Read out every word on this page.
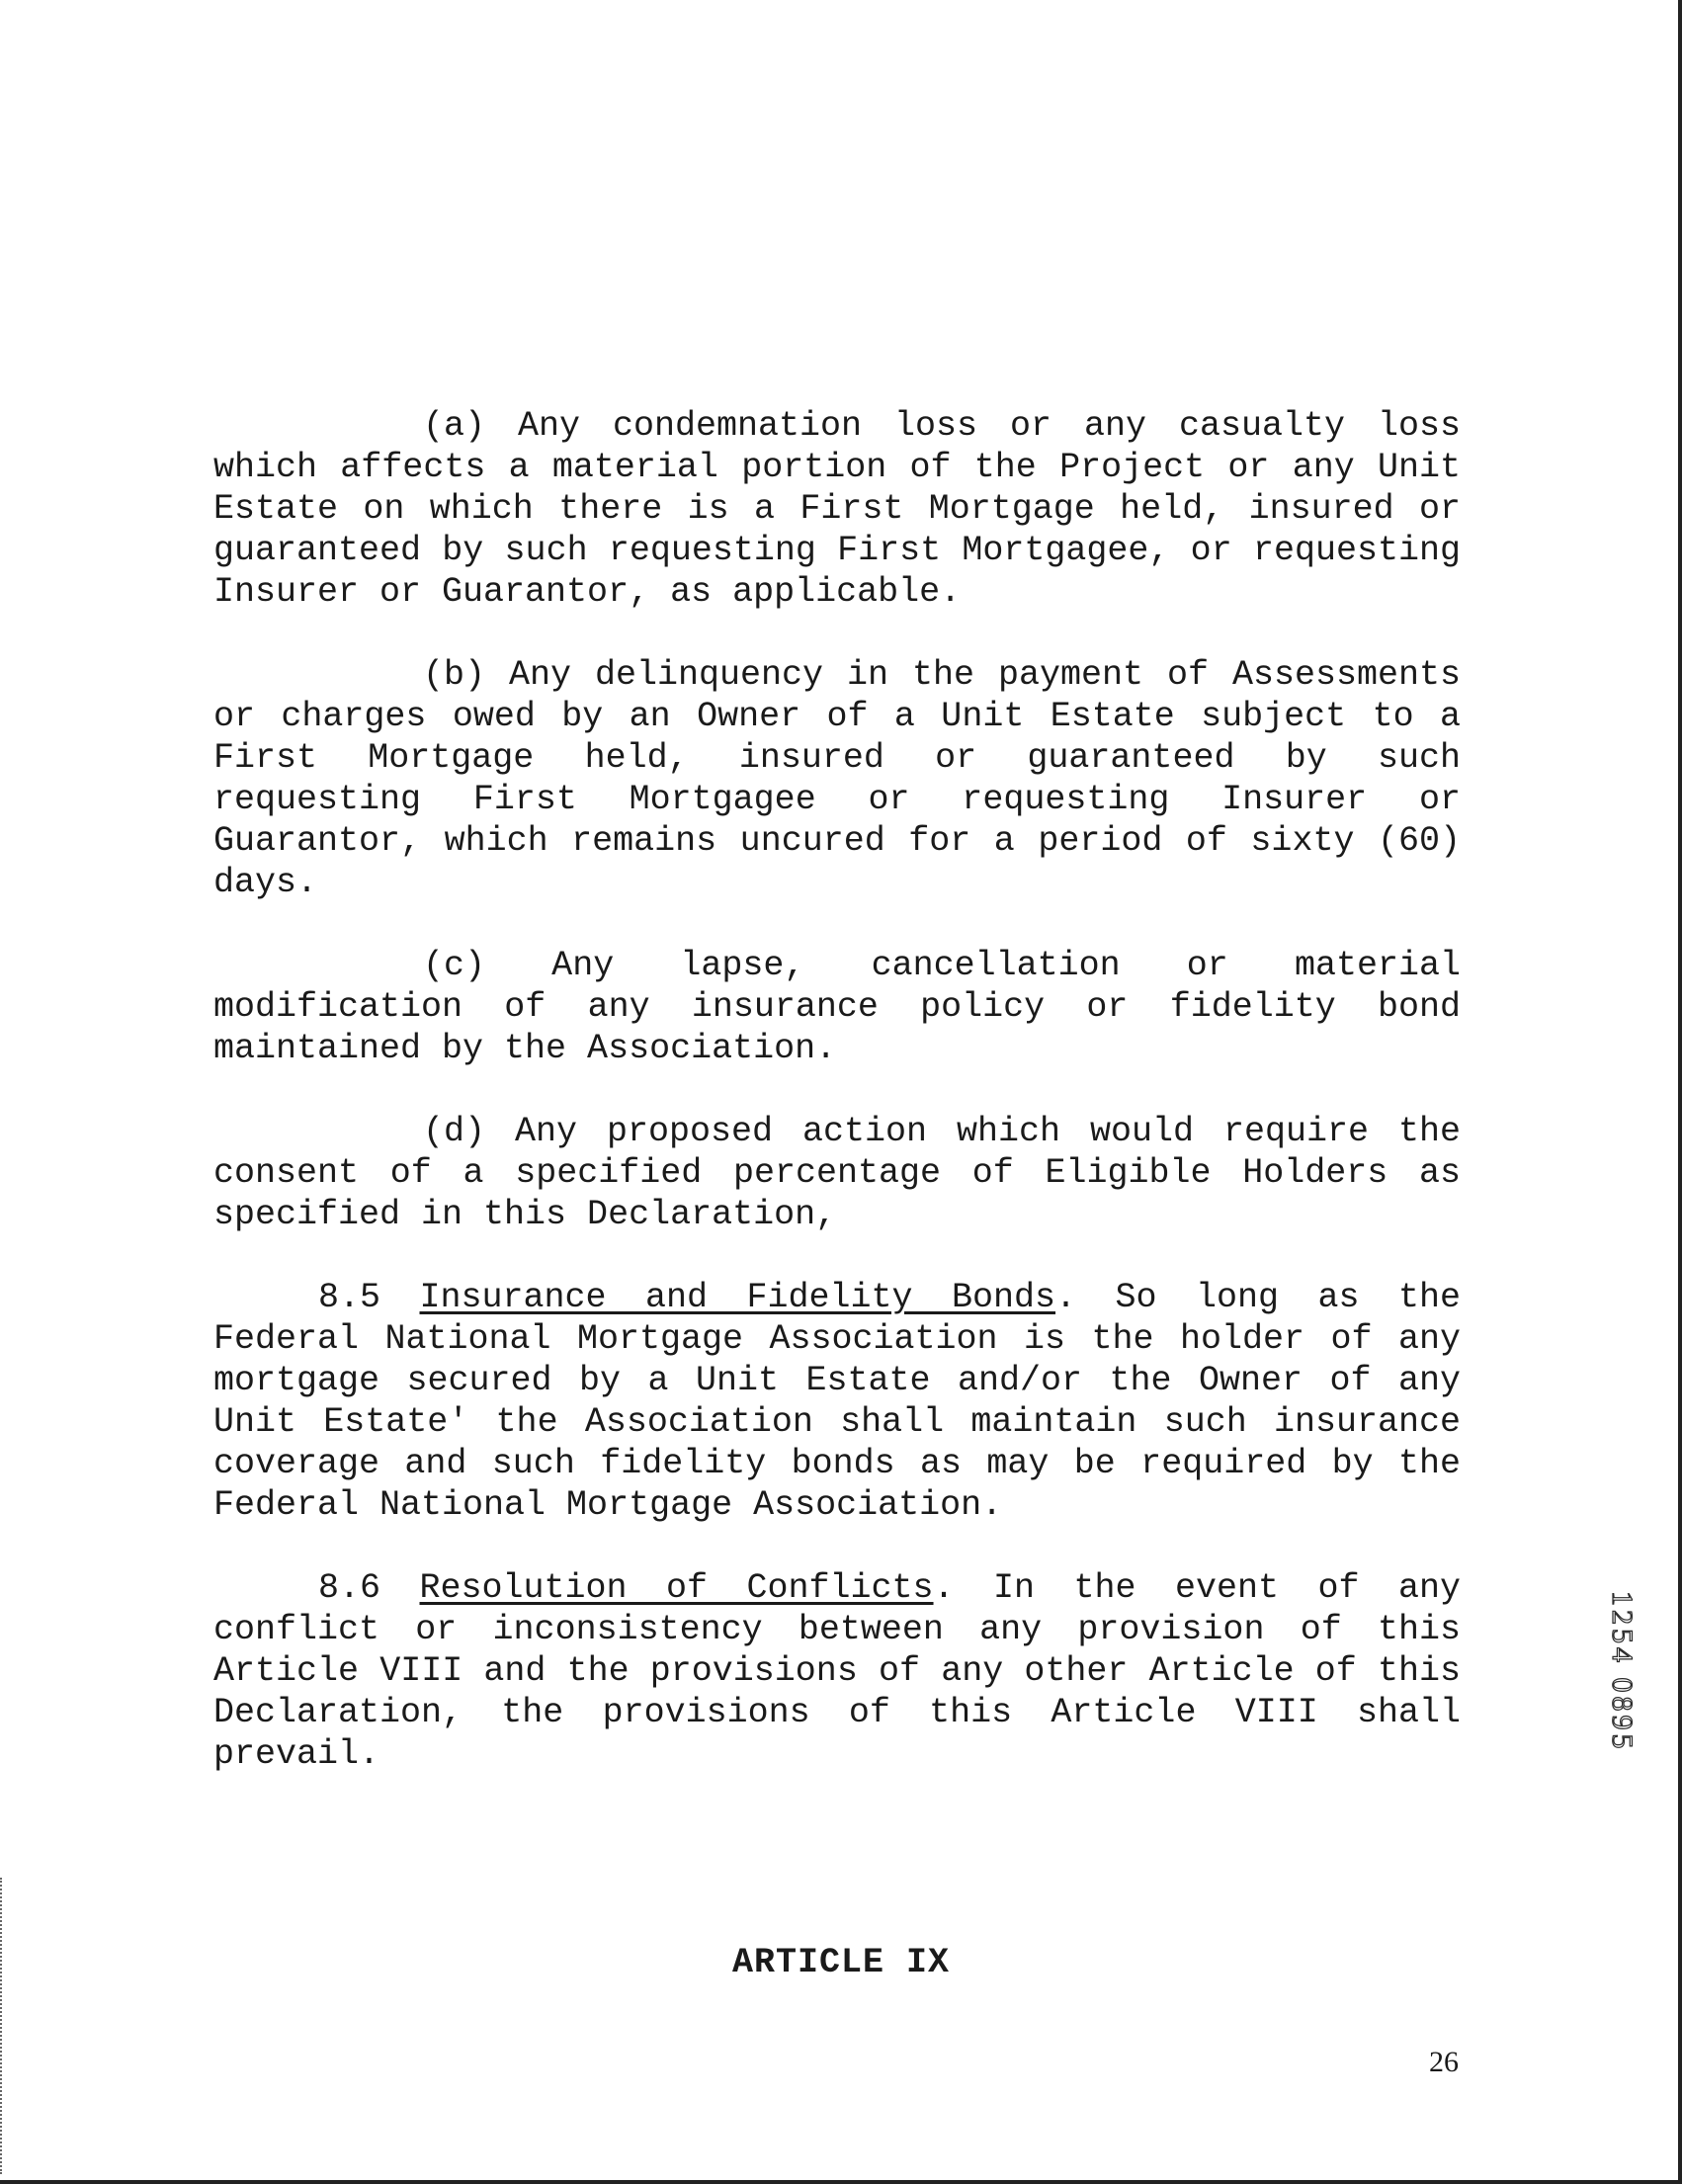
(a) Any condemnation loss or any casualty loss which affects a material portion of the Project or any Unit Estate on which there is a First Mortgage held, insured or guaranteed by such requesting First Mortgagee, or requesting Insurer or Guarantor, as applicable.

(b) Any delinquency in the payment of Assessments or charges owed by an Owner of a Unit Estate subject to a First Mortgage held, insured or guaranteed by such requesting First Mortgagee or requesting Insurer or Guarantor, which remains uncured for a period of sixty (60) days.

(c) Any lapse, cancellation or material modification of any insurance policy or fidelity bond maintained by the Association.

(d) Any proposed action which would require the consent of a specified percentage of Eligible Holders as specified in this Declaration,

8.5 Insurance and Fidelity Bonds. So long as the Federal National Mortgage Association is the holder of any mortgage secured by a Unit Estate and/or the Owner of any Unit Estate' the Association shall maintain such insurance coverage and such fidelity bonds as may be required by the Federal National Mortgage Association.

8.6 Resolution of Conflicts. In the event of any conflict or inconsistency between any provision of this Article VIII and the provisions of any other Article of this Declaration, the provisions of this Article VIII shall prevail.

ARTICLE IX
26
1254 0895
